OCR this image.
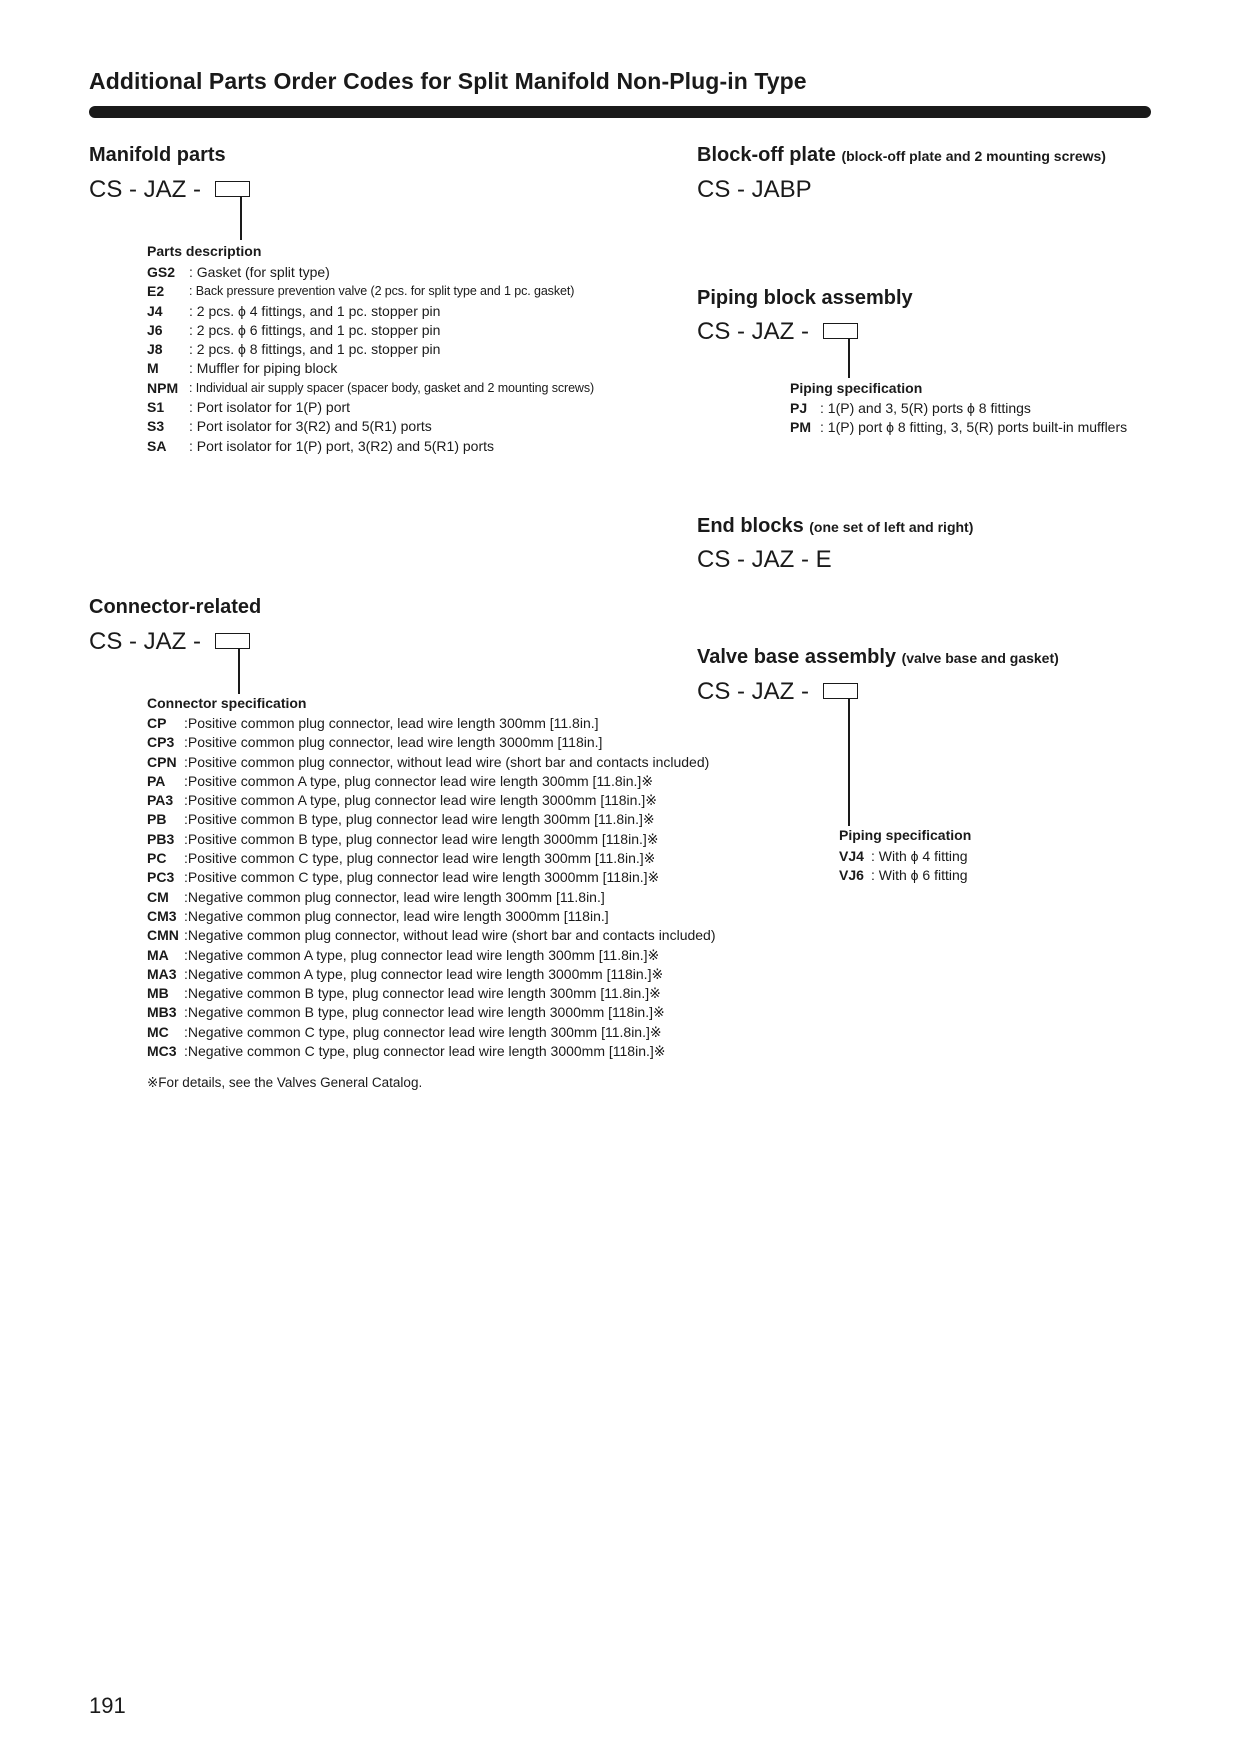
Additional Parts Order Codes for Split Manifold Non-Plug-in Type
Manifold parts
CS - JAZ -
Parts description
GS2 : Gasket (for split type)
E2	: Back pressure prevention valve (2 pcs. for split type and 1 pc. gasket)
J4	: 2 pcs. ϕ 4 fittings, and 1 pc. stopper pin
J6	: 2 pcs. ϕ 6 fittings, and 1 pc. stopper pin
J8	: 2 pcs. ϕ 8 fittings, and 1 pc. stopper pin
M	: Muffler for piping block
NPM : Individual air supply spacer (spacer body, gasket and 2 mounting screws)
S1	: Port isolator for 1(P) port
S3	: Port isolator for 3(R2) and 5(R1) ports
SA	: Port isolator for 1(P) port, 3(R2) and 5(R1) ports
Block-off plate (block-off plate and 2 mounting screws)
CS - JABP
Piping block assembly
CS - JAZ -
Piping specification
PJ : 1(P) and 3, 5(R) ports ϕ 8 fittings
PM : 1(P) port ϕ 8 fitting, 3, 5(R) ports built-in mufflers
End blocks (one set of left and right)
CS - JAZ - E
Connector-related
CS - JAZ -
Connector specification
CP	:Positive common plug connector, lead wire length 300mm [11.8in.]
CP3 :Positive common plug connector, lead wire length 3000mm [118in.]
CPN :Positive common plug connector, without lead wire (short bar and contacts included)
PA	:Positive common A type, plug connector lead wire length 300mm [11.8in.]※
PA3 :Positive common A type, plug connector lead wire length 3000mm [118in.]※
PB	:Positive common B type, plug connector lead wire length 300mm [11.8in.]※
PB3 :Positive common B type, plug connector lead wire length 3000mm [118in.]※
PC	:Positive common C type, plug connector lead wire length 300mm [11.8in.]※
PC3 :Positive common C type, plug connector lead wire length 3000mm [118in.]※
CM	:Negative common plug connector, lead wire length 300mm [11.8in.]
CM3 :Negative common plug connector, lead wire length 3000mm [118in.]
CMN :Negative common plug connector, without lead wire (short bar and contacts included)
MA	:Negative common A type, plug connector lead wire length 300mm [11.8in.]※
MA3 :Negative common A type, plug connector lead wire length 3000mm [118in.]※
MB	:Negative common B type, plug connector lead wire length 300mm [11.8in.]※
MB3 :Negative common B type, plug connector lead wire length 3000mm [118in.]※
MC	:Negative common C type, plug connector lead wire length 300mm [11.8in.]※
MC3 :Negative common C type, plug connector lead wire length 3000mm [118in.]※
※For details, see the Valves General Catalog.
Valve base assembly (valve base and gasket)
CS - JAZ -
Piping specification
VJ4 : With ϕ 4 fitting
VJ6 : With ϕ 6 fitting
191
